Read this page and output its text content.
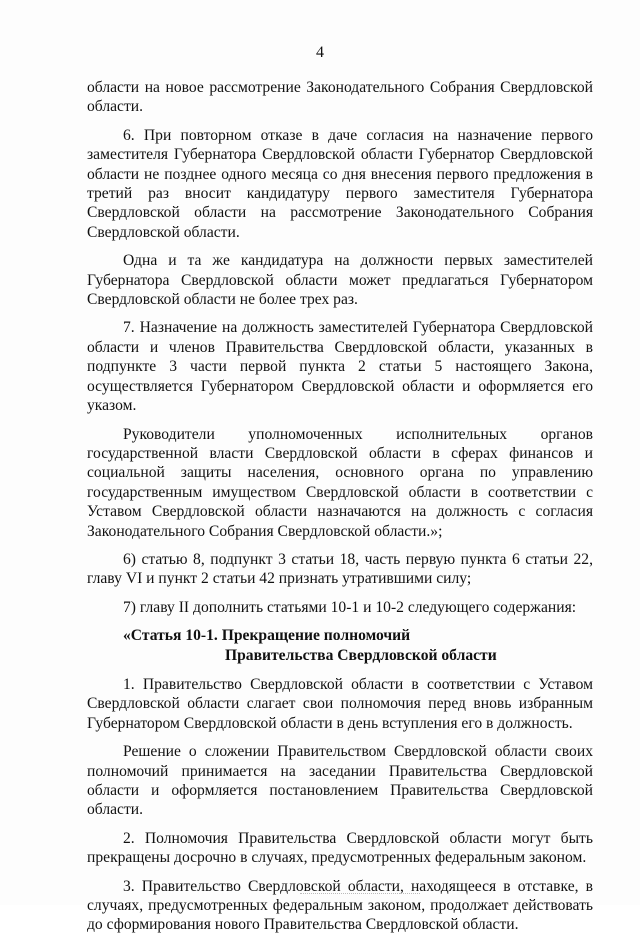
4

области на новое рассмотрение Законодательного Собрания Свердловской области.

6. При повторном отказе в даче согласия на назначение первого заместителя Губернатора Свердловской области Губернатор Свердловской области не позднее одного месяца со дня внесения первого предложения в третий раз вносит кандидатуру первого заместителя Губернатора Свердловской области на рассмотрение Законодательного Собрания Свердловской области.

Одна и та же кандидатура на должности первых заместителей Губернатора Свердловской области может предлагаться Губернатором Свердловской области не более трех раз.

7. Назначение на должность заместителей Губернатора Свердловской области и членов Правительства Свердловской области, указанных в подпункте 3 части первой пункта 2 статьи 5 настоящего Закона, осуществляется Губернатором Свердловской области и оформляется его указом.

Руководители уполномоченных исполнительных органов государственной власти Свердловской области в сферах финансов и социальной защиты населения, основного органа по управлению государственным имуществом Свердловской области в соответствии с Уставом Свердловской области назначаются на должность с согласия Законодательного Собрания Свердловской области.»;

6) статью 8, подпункт 3 статьи 18, часть первую пункта 6 статьи 22, главу VI и пункт 2 статьи 42 признать утратившими силу;

7) главу II дополнить статьями 10-1 и 10-2 следующего содержания:

«Статья 10-1. Прекращение полномочий
Правительства Свердловской области

1. Правительство Свердловской области в соответствии с Уставом Свердловской области слагает свои полномочия перед вновь избранным Губернатором Свердловской области в день вступления его в должность.

Решение о сложении Правительством Свердловской области своих полномочий принимается на заседании Правительства Свердловской области и оформляется постановлением Правительства Свердловской области.

2. Полномочия Правительства Свердловской области могут быть прекращены досрочно в случаях, предусмотренных федеральным законом.

3. Правительство Свердловской области, находящееся в отставке, в случаях, предусмотренных федеральным законом, продолжает действовать до сформирования нового Правительства Свердловской области.
